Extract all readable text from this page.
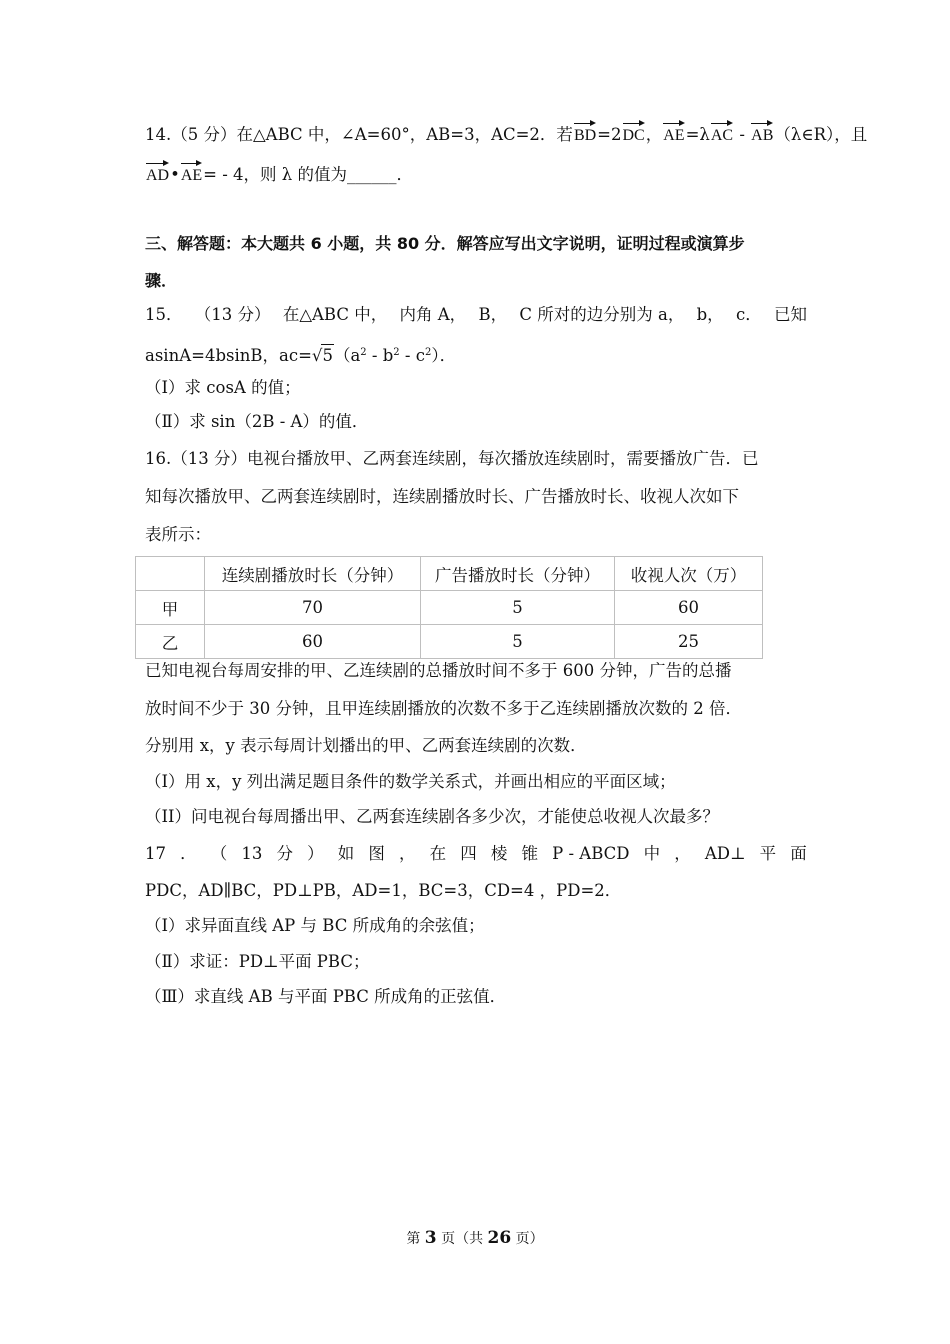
14.（5 分）在△ABC 中，∠A=60°，AB=3，AC=2．若BD=2DC，AE=λAC ‐ AB（λ∈R），且
AD•AE= ‐ 4，则 λ 的值为______．
三、解答题：本大题共 6 小题，共 80 分．解答应写出文字说明，证明过程或演算步
骤．
15． （13 分） 在△ABC 中， 内角 A， B， C 所对的边分别为 a， b， c． 已知
asinA=4bsinB，$ac=√5(a^2$ ‐ $b^2$ ‐ $c^2$）．
（Ⅰ）求 cosA 的值；
（Ⅱ）求 sin（2B ‐ A）的值．
16.（13 分）电视台播放甲、乙两套连续剧，每次播放连续剧时，需要播放广告．已
知每次播放甲、乙两套连续剧时，连续剧播放时长、广告播放时长、收视人次如下
表所示：
已知电视台每周安排的甲、乙连续剧的总播放时间不多于 600 分钟，广告的总播
放时间不少于 30 分钟，且甲连续剧播放的次数不多于乙连续剧播放次数的 2 倍．
分别用 x，y 表示每周计划播出的甲、乙两套连续剧的次数．
（I）用 x，y 列出满足题目条件的数学关系式，并画出相应的平面区域；
（II）问电视台每周播出甲、乙两套连续剧各多少次，才能使总收视人次最多？
17 ． （ 13 分 ） 如 图 ， 在 四 棱 锥 P ‐ ABCD 中 ， AD⊥ 平 面
PDC，AD∥BC，PD⊥PB，AD=1，BC=3，CD=4 ，PD=2．
（Ⅰ）求异面直线 AP 与 BC 所成角的余弦值；
（Ⅱ）求证：PD⊥平面 PBC；
（Ⅲ）求直线 AB 与平面 PBC 所成角的正弦值．
	连续剧播放时长（分钟）	广告播放时长（分钟）	收视人次（万）
甲	70	5	60
乙	60	5	25
第 3 页（共 26 页）
